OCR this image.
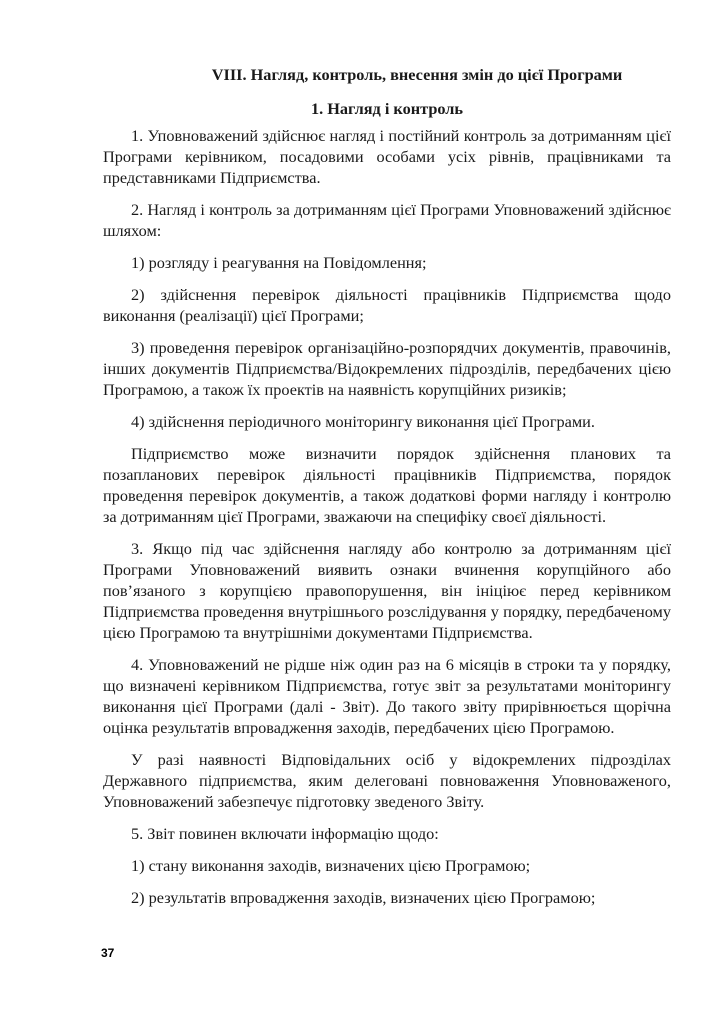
VIII. Нагляд, контроль, внесення змін до цієї Програми
1. Нагляд і контроль

1. Уповноважений здійснює нагляд і постійний контроль за дотриманням цієї Програми керівником, посадовими особами усіх рівнів, працівниками та представниками Підприємства.

2. Нагляд і контроль за дотриманням цієї Програми Уповноважений здійснює шляхом:

1) розгляду і реагування на Повідомлення;

2) здійснення перевірок діяльності працівників Підприємства щодо виконання (реалізації) цієї Програми;

3) проведення перевірок організаційно-розпорядчих документів, правочинів, інших документів Підприємства/Відокремлених підрозділів, передбачених цією Програмою, а також їх проектів на наявність корупційних ризиків;

4) здійснення періодичного моніторингу виконання цієї Програми.

Підприємство може визначити порядок здійснення планових та позапланових перевірок діяльності працівників Підприємства, порядок проведення перевірок документів, а також додаткові форми нагляду і контролю за дотриманням цієї Програми, зважаючи на специфіку своєї діяльності.

3. Якщо під час здійснення нагляду або контролю за дотриманням цієї Програми Уповноважений виявить ознаки вчинення корупційного або пов’язаного з корупцією правопорушення, він ініціює перед керівником Підприємства проведення внутрішнього розслідування у порядку, передбаченому цією Програмою та внутрішніми документами Підприємства.

4. Уповноважений не рідше ніж один раз на 6 місяців в строки та у порядку, що визначені керівником Підприємства, готує звіт за результатами моніторингу виконання цієї Програми (далі - Звіт). До такого звіту прирівнюється щорічна оцінка результатів впровадження заходів, передбачених цією Програмою.

У разі наявності Відповідальних осіб у відокремлених підрозділах Державного підприємства, яким делеговані повноваження Уповноваженого, Уповноважений забезпечує підготовку зведеного Звіту.

5. Звіт повинен включати інформацію щодо:

1) стану виконання заходів, визначених цією Програмою;

2) результатів впровадження заходів, визначених цією Програмою;

37
